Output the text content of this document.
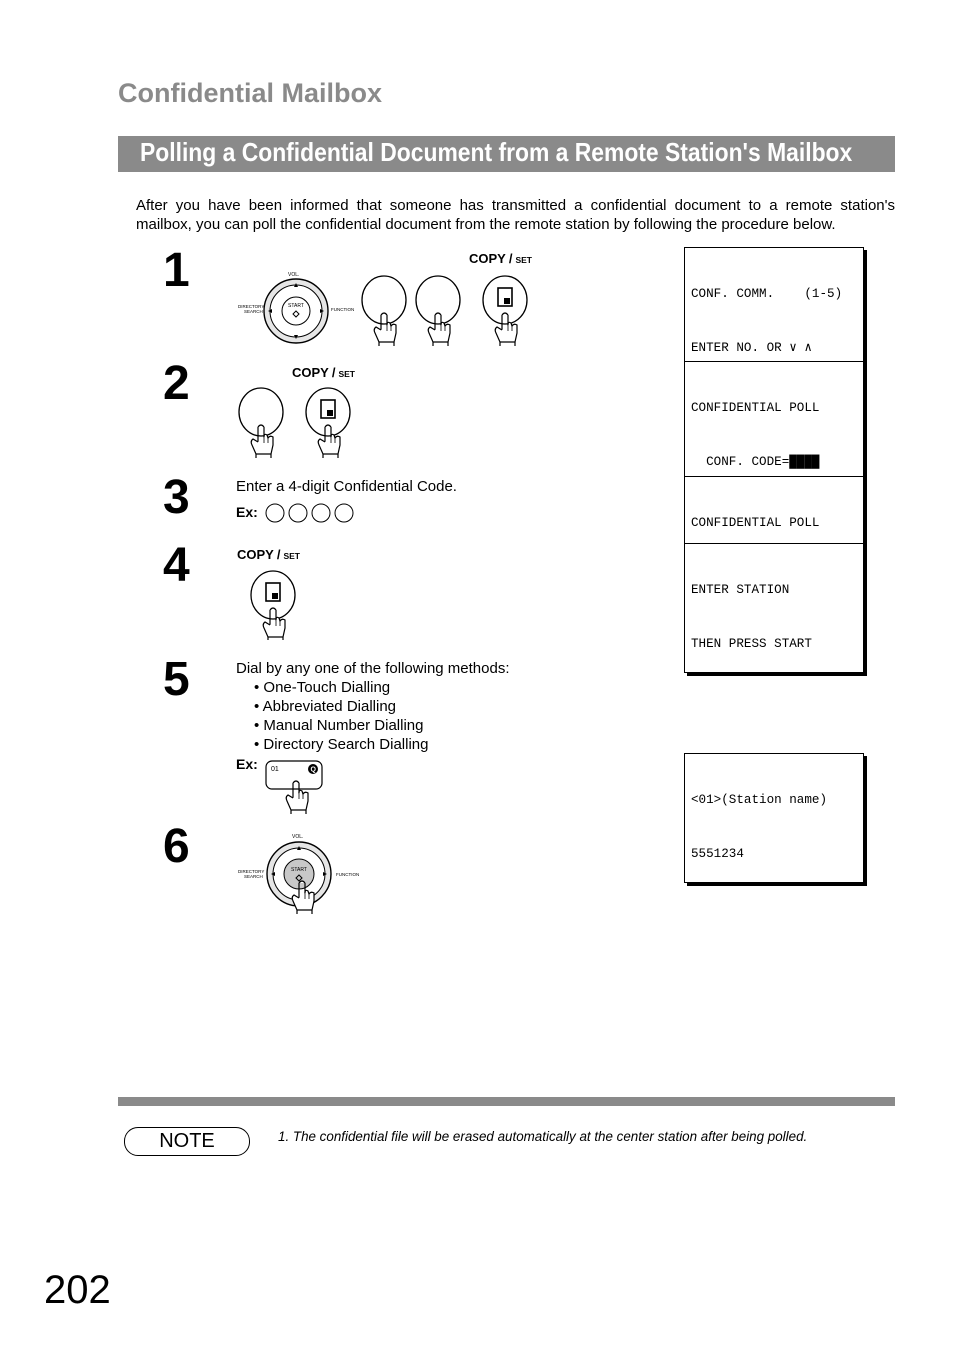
Confidential Mailbox
Polling a Confidential Document from a Remote Station's Mailbox
After you have been informed that someone has transmitted a confidential document to a remote station's mailbox, you can poll the confidential document from the remote station by following the procedure below.
1	VOL.
DIRECTORY
SEARCH	FUNCTION
START
COPY / SET

CONF. COMM.    (1-5)

ENTER NO. OR ∨ ∧

2	COPY / SET

CONFIDENTIAL POLL

CONF. CODE=████

3	Enter a 4-digit Confidential Code.
Ex:

CONFIDENTIAL POLL

4	COPY / SET

ENTER STATION

THEN PRESS START

5	Dial by any one of the following methods:
• One-Touch Dialling
• Abbreviated Dialling
• Manual Number Dialling
• Directory Search Dialling
Ex: 01	Q

<01>(Station name)

5551234

6	VOL.
DIRECTORY
SEARCH	FUNCTION
START
NOTE	1. The confidential file will be erased automatically at the center station after being polled.
202
